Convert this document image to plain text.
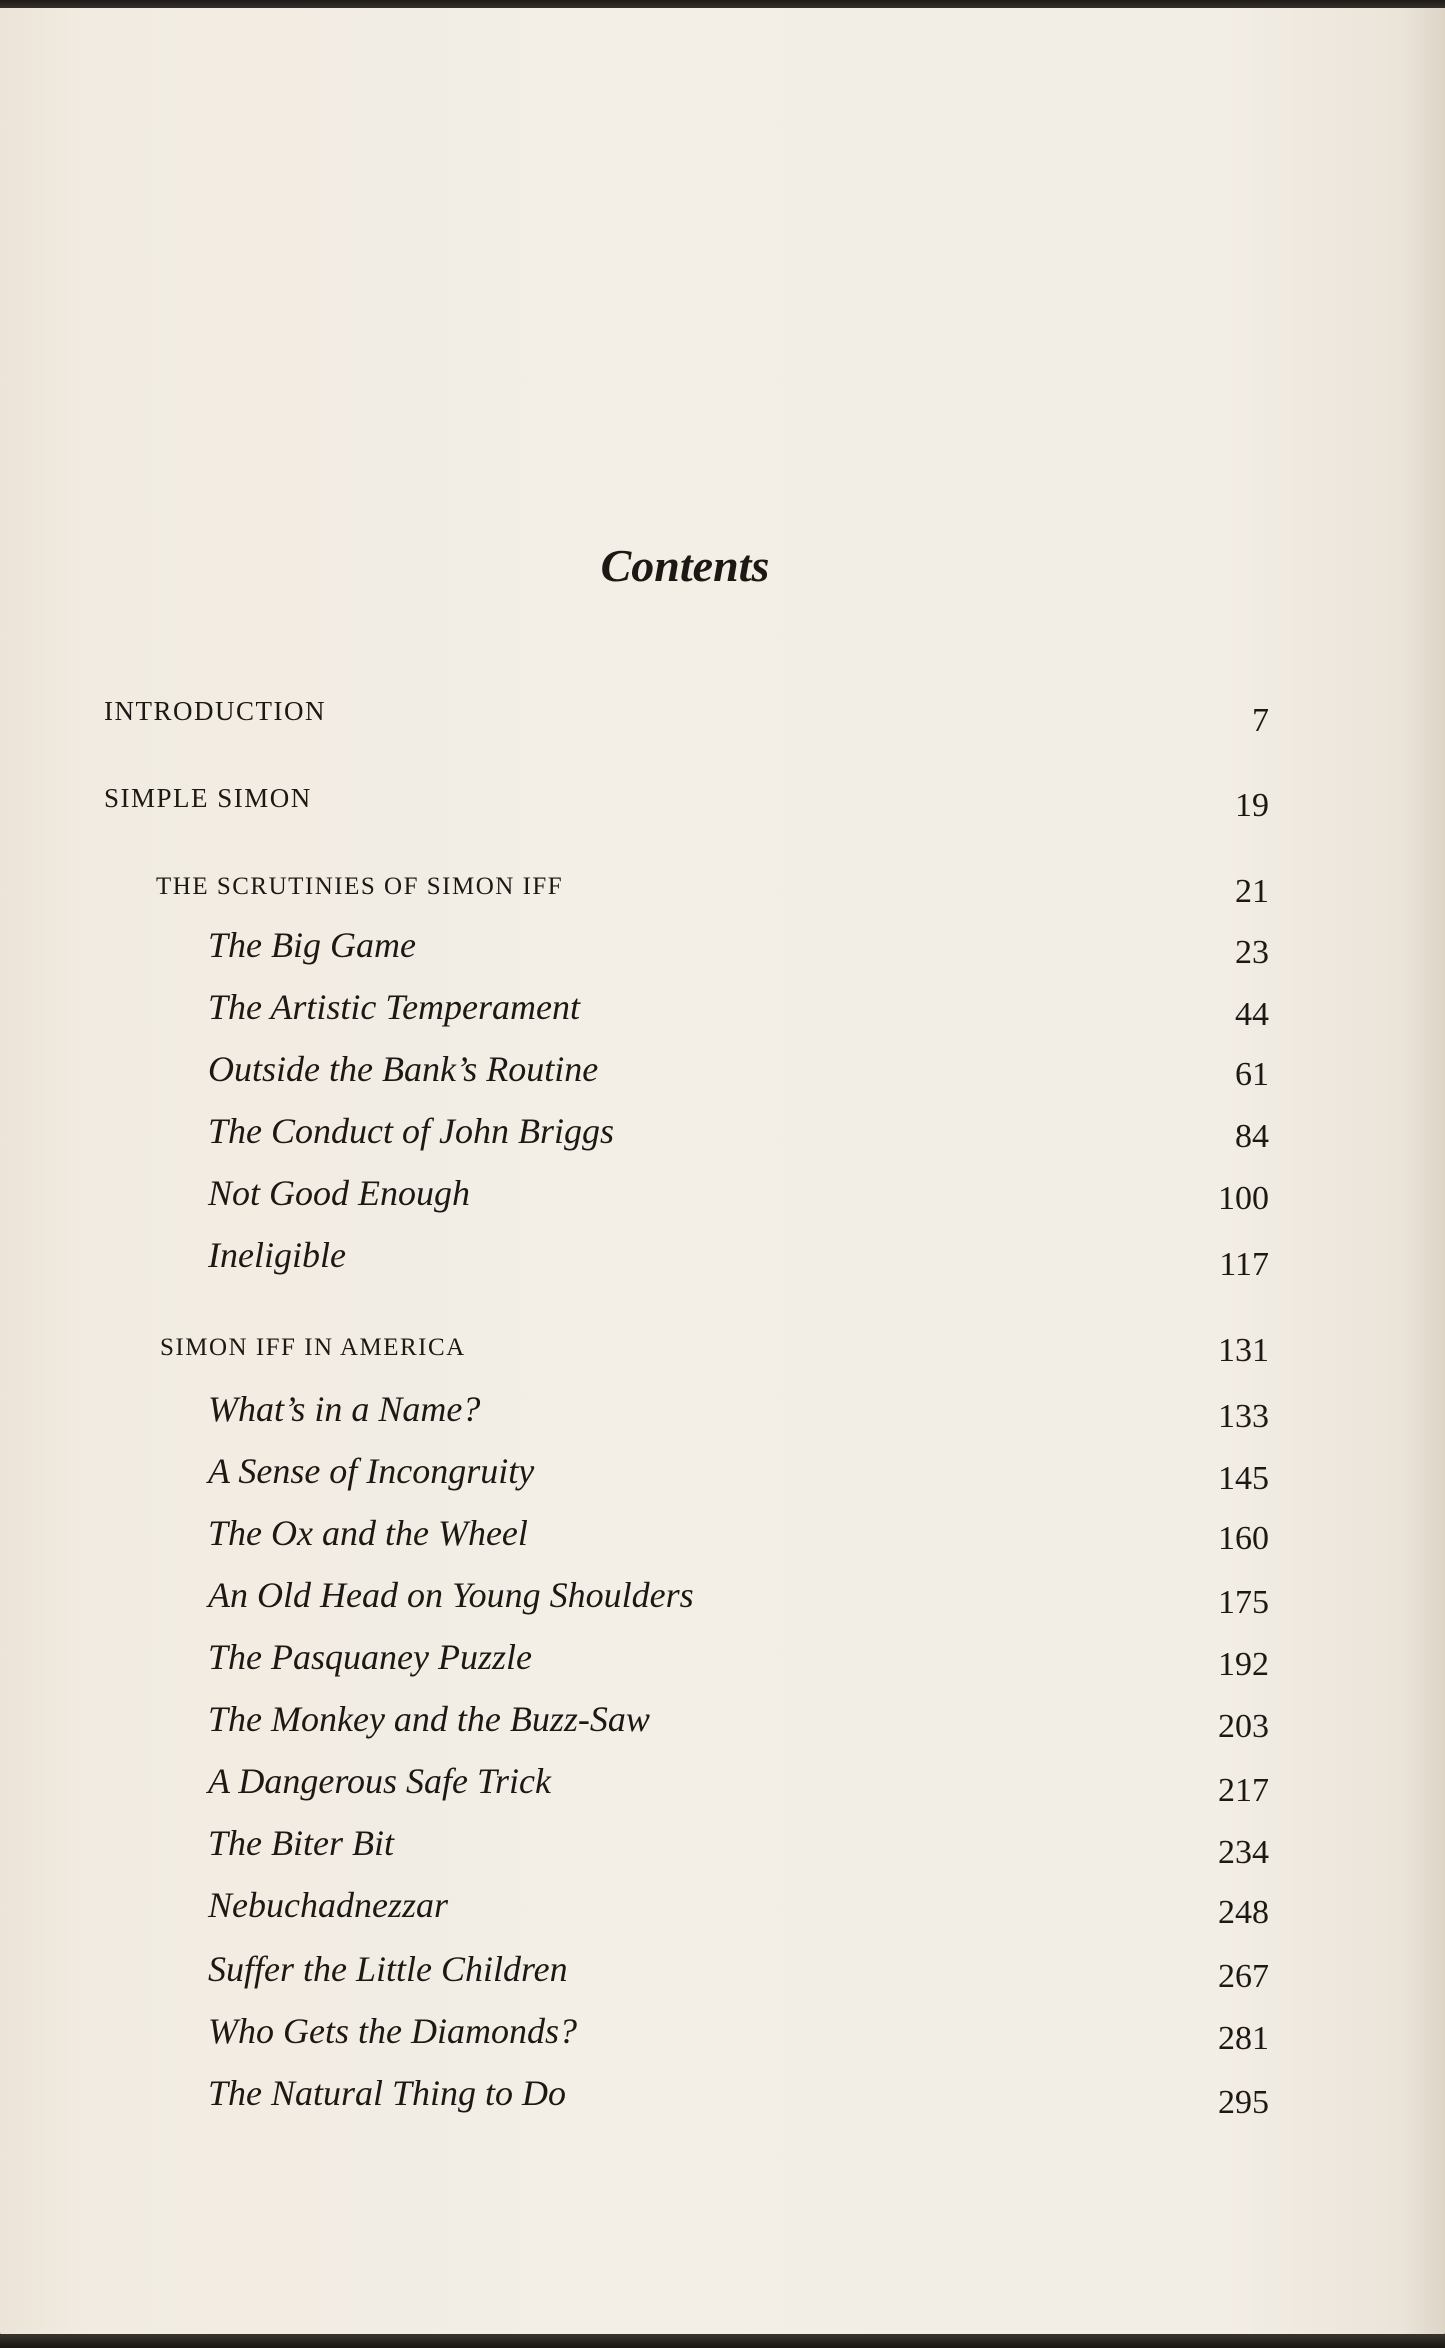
Contents
INTRODUCTION	7
SIMPLE SIMON	19
THE SCRUTINIES OF SIMON IFF	21
The Big Game	23
The Artistic Temperament	44
Outside the Bank’s Routine	61
The Conduct of John Briggs	84
Not Good Enough	100
Ineligible	117
SIMON IFF IN AMERICA	131
What’s in a Name?	133
A Sense of Incongruity	145
The Ox and the Wheel	160
An Old Head on Young Shoulders	175
The Pasquaney Puzzle	192
The Monkey and the Buzz-Saw	203
A Dangerous Safe Trick	217
The Biter Bit	234
Nebuchadnezzar	248
Suffer the Little Children	267
Who Gets the Diamonds?	281
The Natural Thing to Do	295
